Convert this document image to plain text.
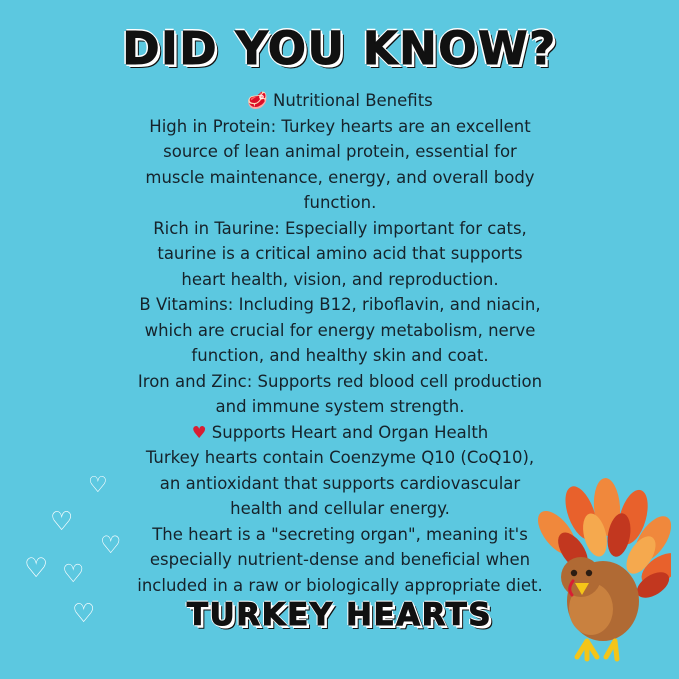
DID YOU KNOW?

🥩 Nutritional Benefits

High in Protein: Turkey hearts are an excellent

source of lean animal protein, essential for

muscle maintenance, energy, and overall body

function.

Rich in Taurine: Especially important for cats,

taurine is a critical amino acid that supports

heart health, vision, and reproduction.

B Vitamins: Including B12, riboflavin, and niacin,

which are crucial for energy metabolism, nerve

function, and healthy skin and coat.

Iron and Zinc: Supports red blood cell production

and immune system strength.

♥ Supports Heart and Organ Health

Turkey hearts contain Coenzyme Q10 (CoQ10),

an antioxidant that supports cardiovascular

health and cellular energy.

The heart is a "secreting organ", meaning it's

especially nutrient-dense and beneficial when

included in a raw or biologically appropriate diet.

TURKEY HEARTS
♡
♡
♡
♡ ♡
♡
